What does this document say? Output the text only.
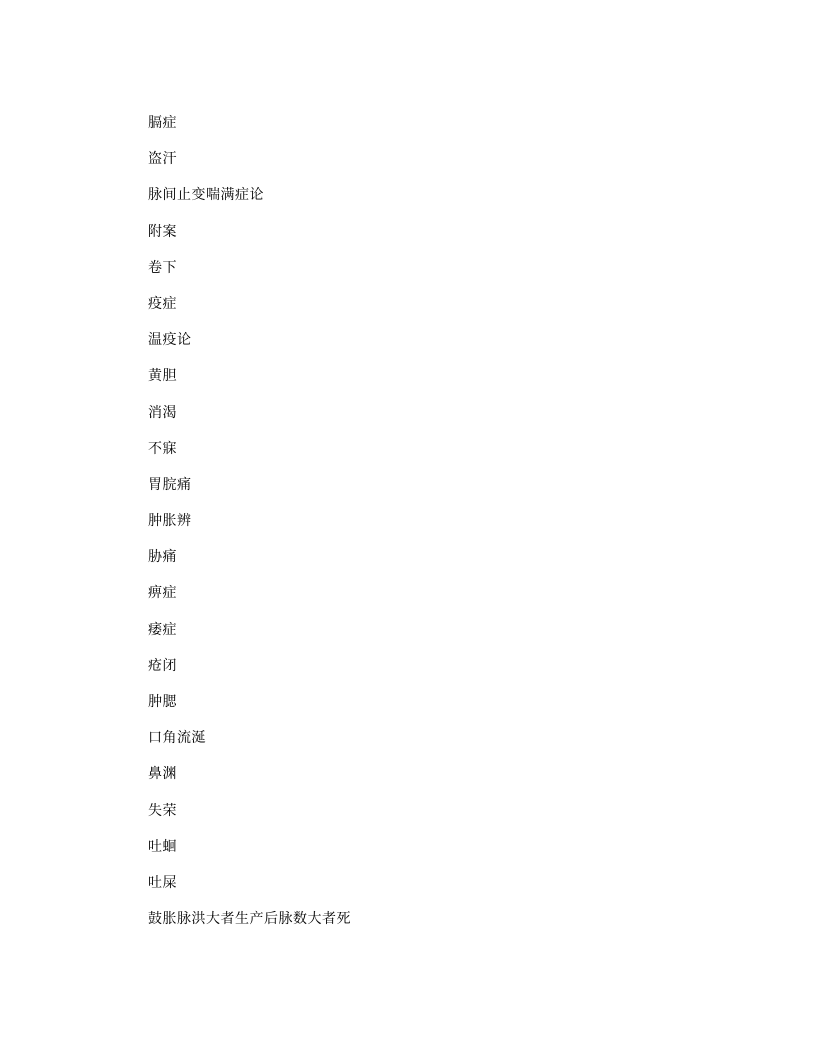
膈症
盗汗
脉间止变喘满症论
附案
卷下
疫症
温疫论
黄胆
消渴
不寐
胃脘痛
肿胀辨
胁痛
痹症
痿症
疮闭
肿腮
口角流涎
鼻渊
失荣
吐蛔
吐屎
鼓胀脉洪大者生产后脉数大者死
